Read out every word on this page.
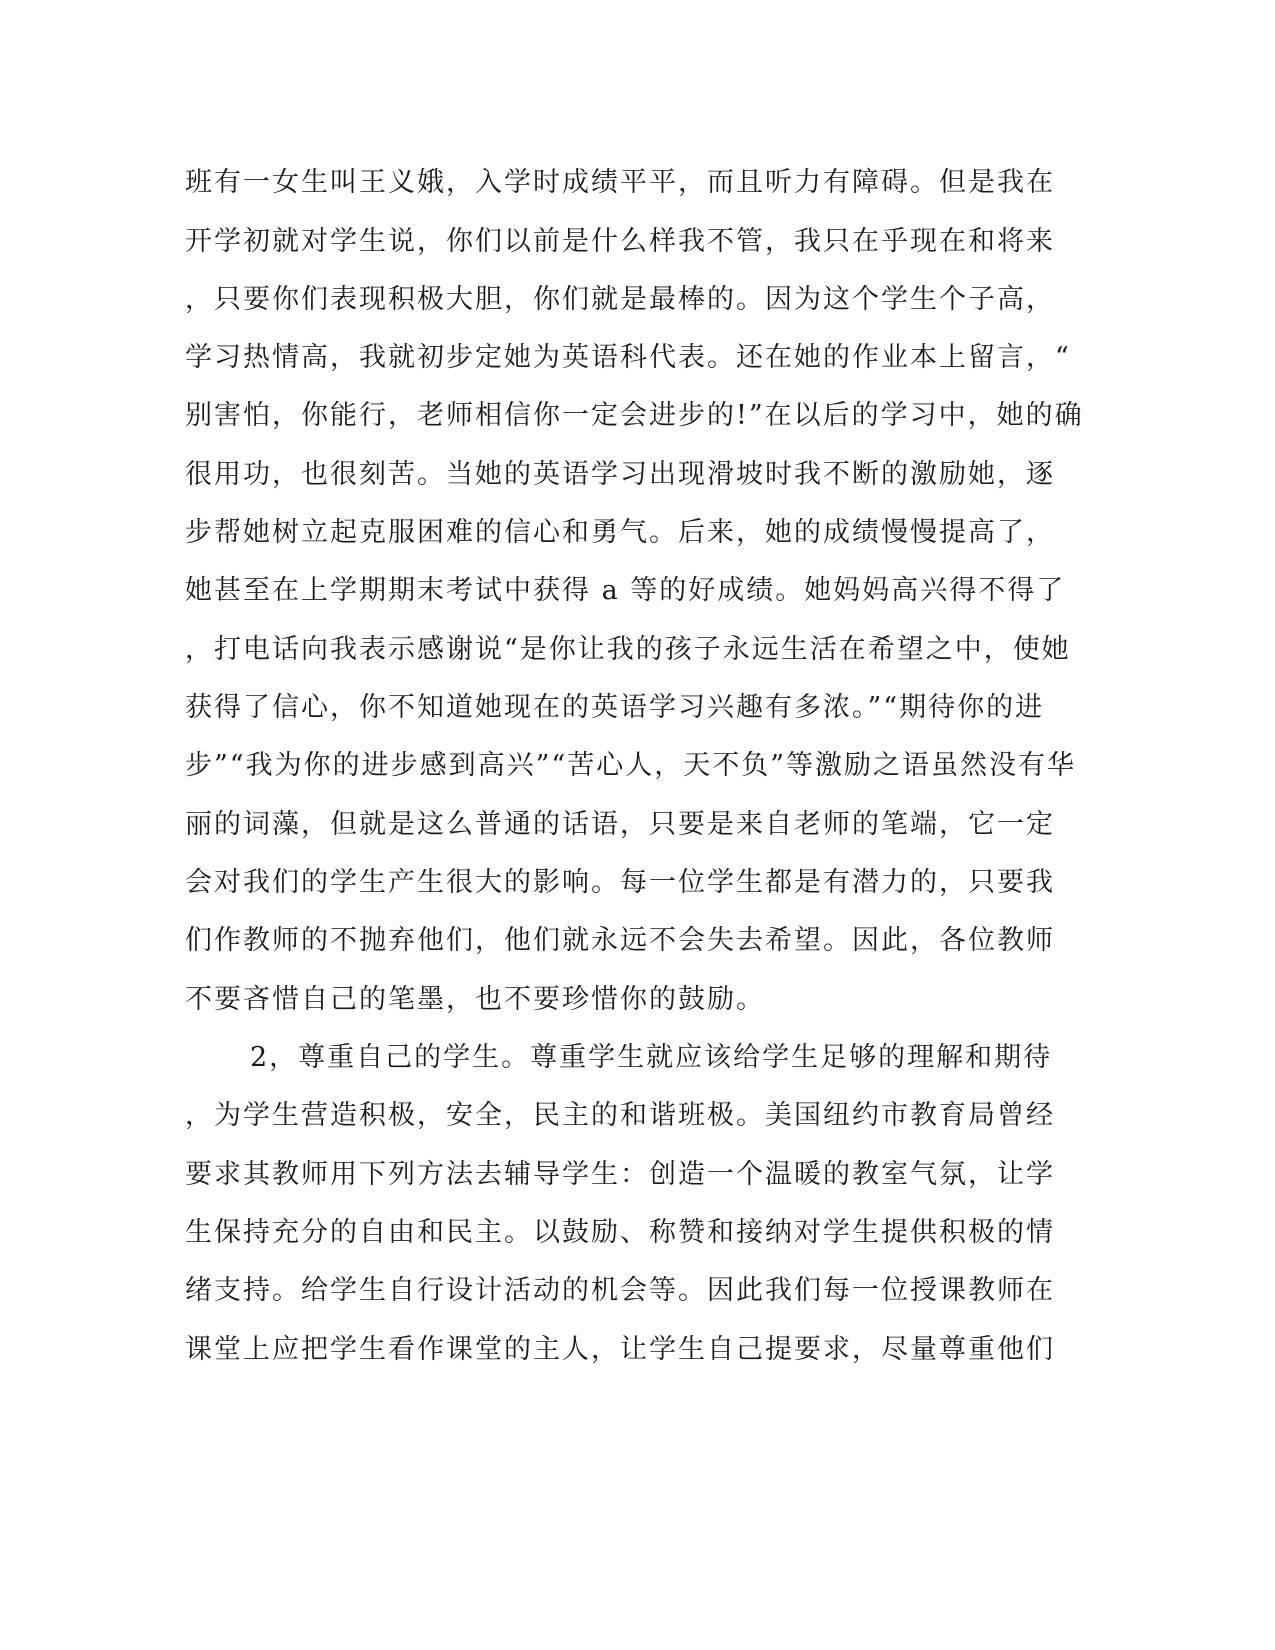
班有一女生叫王义娥，入学时成绩平平，而且听力有障碍。但是我在
开学初就对学生说，你们以前是什么样我不管，我只在乎现在和将来
，只要你们表现积极大胆，你们就是最棒的。因为这个学生个子高，
学习热情高，我就初步定她为英语科代表。还在她的作业本上留言，“
别害怕，你能行，老师相信你一定会进步的!”在以后的学习中，她的确
很用功，也很刻苦。当她的英语学习出现滑坡时我不断的激励她，逐
步帮她树立起克服困难的信心和勇气。后来，她的成绩慢慢提高了，
她甚至在上学期期末考试中获得 a 等的好成绩。她妈妈高兴得不得了
，打电话向我表示感谢说“是你让我的孩子永远生活在希望之中，使她
获得了信心，你不知道她现在的英语学习兴趣有多浓。”“期待你的进
步”“我为你的进步感到高兴”“苦心人，天不负”等激励之语虽然没有华
丽的词藻，但就是这么普通的话语，只要是来自老师的笔端，它一定
会对我们的学生产生很大的影响。每一位学生都是有潜力的，只要我
们作教师的不抛弃他们，他们就永远不会失去希望。因此，各位教师
不要吝惜自己的笔墨，也不要珍惜你的鼓励。
2，尊重自己的学生。尊重学生就应该给学生足够的理解和期待
，为学生营造积极，安全，民主的和谐班极。美国纽约市教育局曾经
要求其教师用下列方法去辅导学生：创造一个温暖的教室气氛，让学
生保持充分的自由和民主。以鼓励、称赞和接纳对学生提供积极的情
绪支持。给学生自行设计活动的机会等。因此我们每一位授课教师在
课堂上应把学生看作课堂的主人，让学生自己提要求，尽量尊重他们
